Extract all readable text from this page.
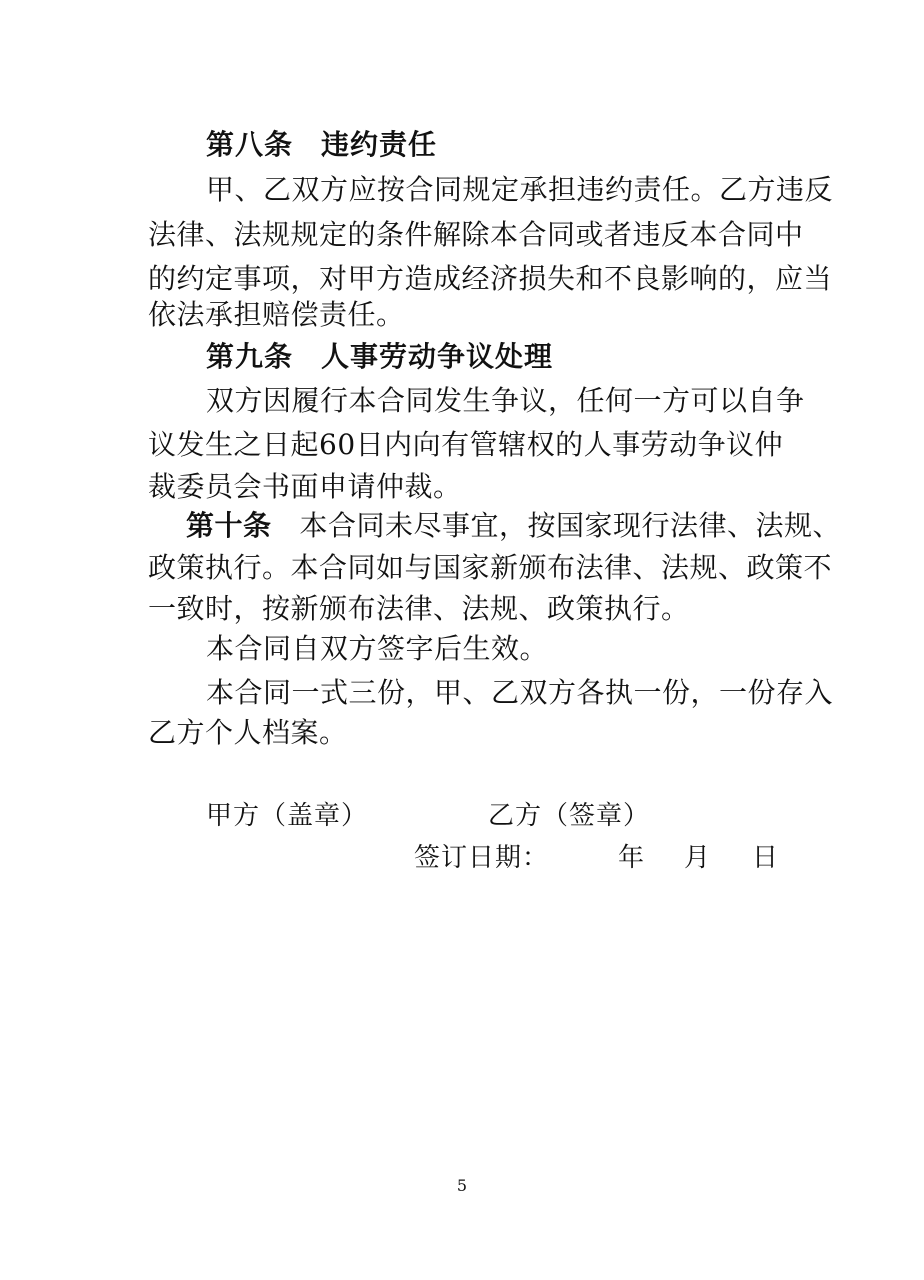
第八条 违约责任
甲、乙双方应按合同规定承担违约责任。乙方违反
法律、法规规定的条件解除本合同或者违反本合同中
的约定事项，对甲方造成经济损失和不良影响的，应当
依法承担赔偿责任。
第九条 人事劳动争议处理
双方因履行本合同发生争议，任何一方可以自争
议发生之日起60日内向有管辖权的人事劳动争议仲
裁委员会书面申请仲裁。
第十条 本合同未尽事宜，按国家现行法律、法规、
政策执行。本合同如与国家新颁布法律、法规、政策不
一致时，按新颁布法律、法规、政策执行。
本合同自双方签字后生效。
本合同一式三份，甲、乙双方各执一份，一份存入
乙方个人档案。
甲方（盖章）	乙方（签章）
签订日期：	年 月 日
5
